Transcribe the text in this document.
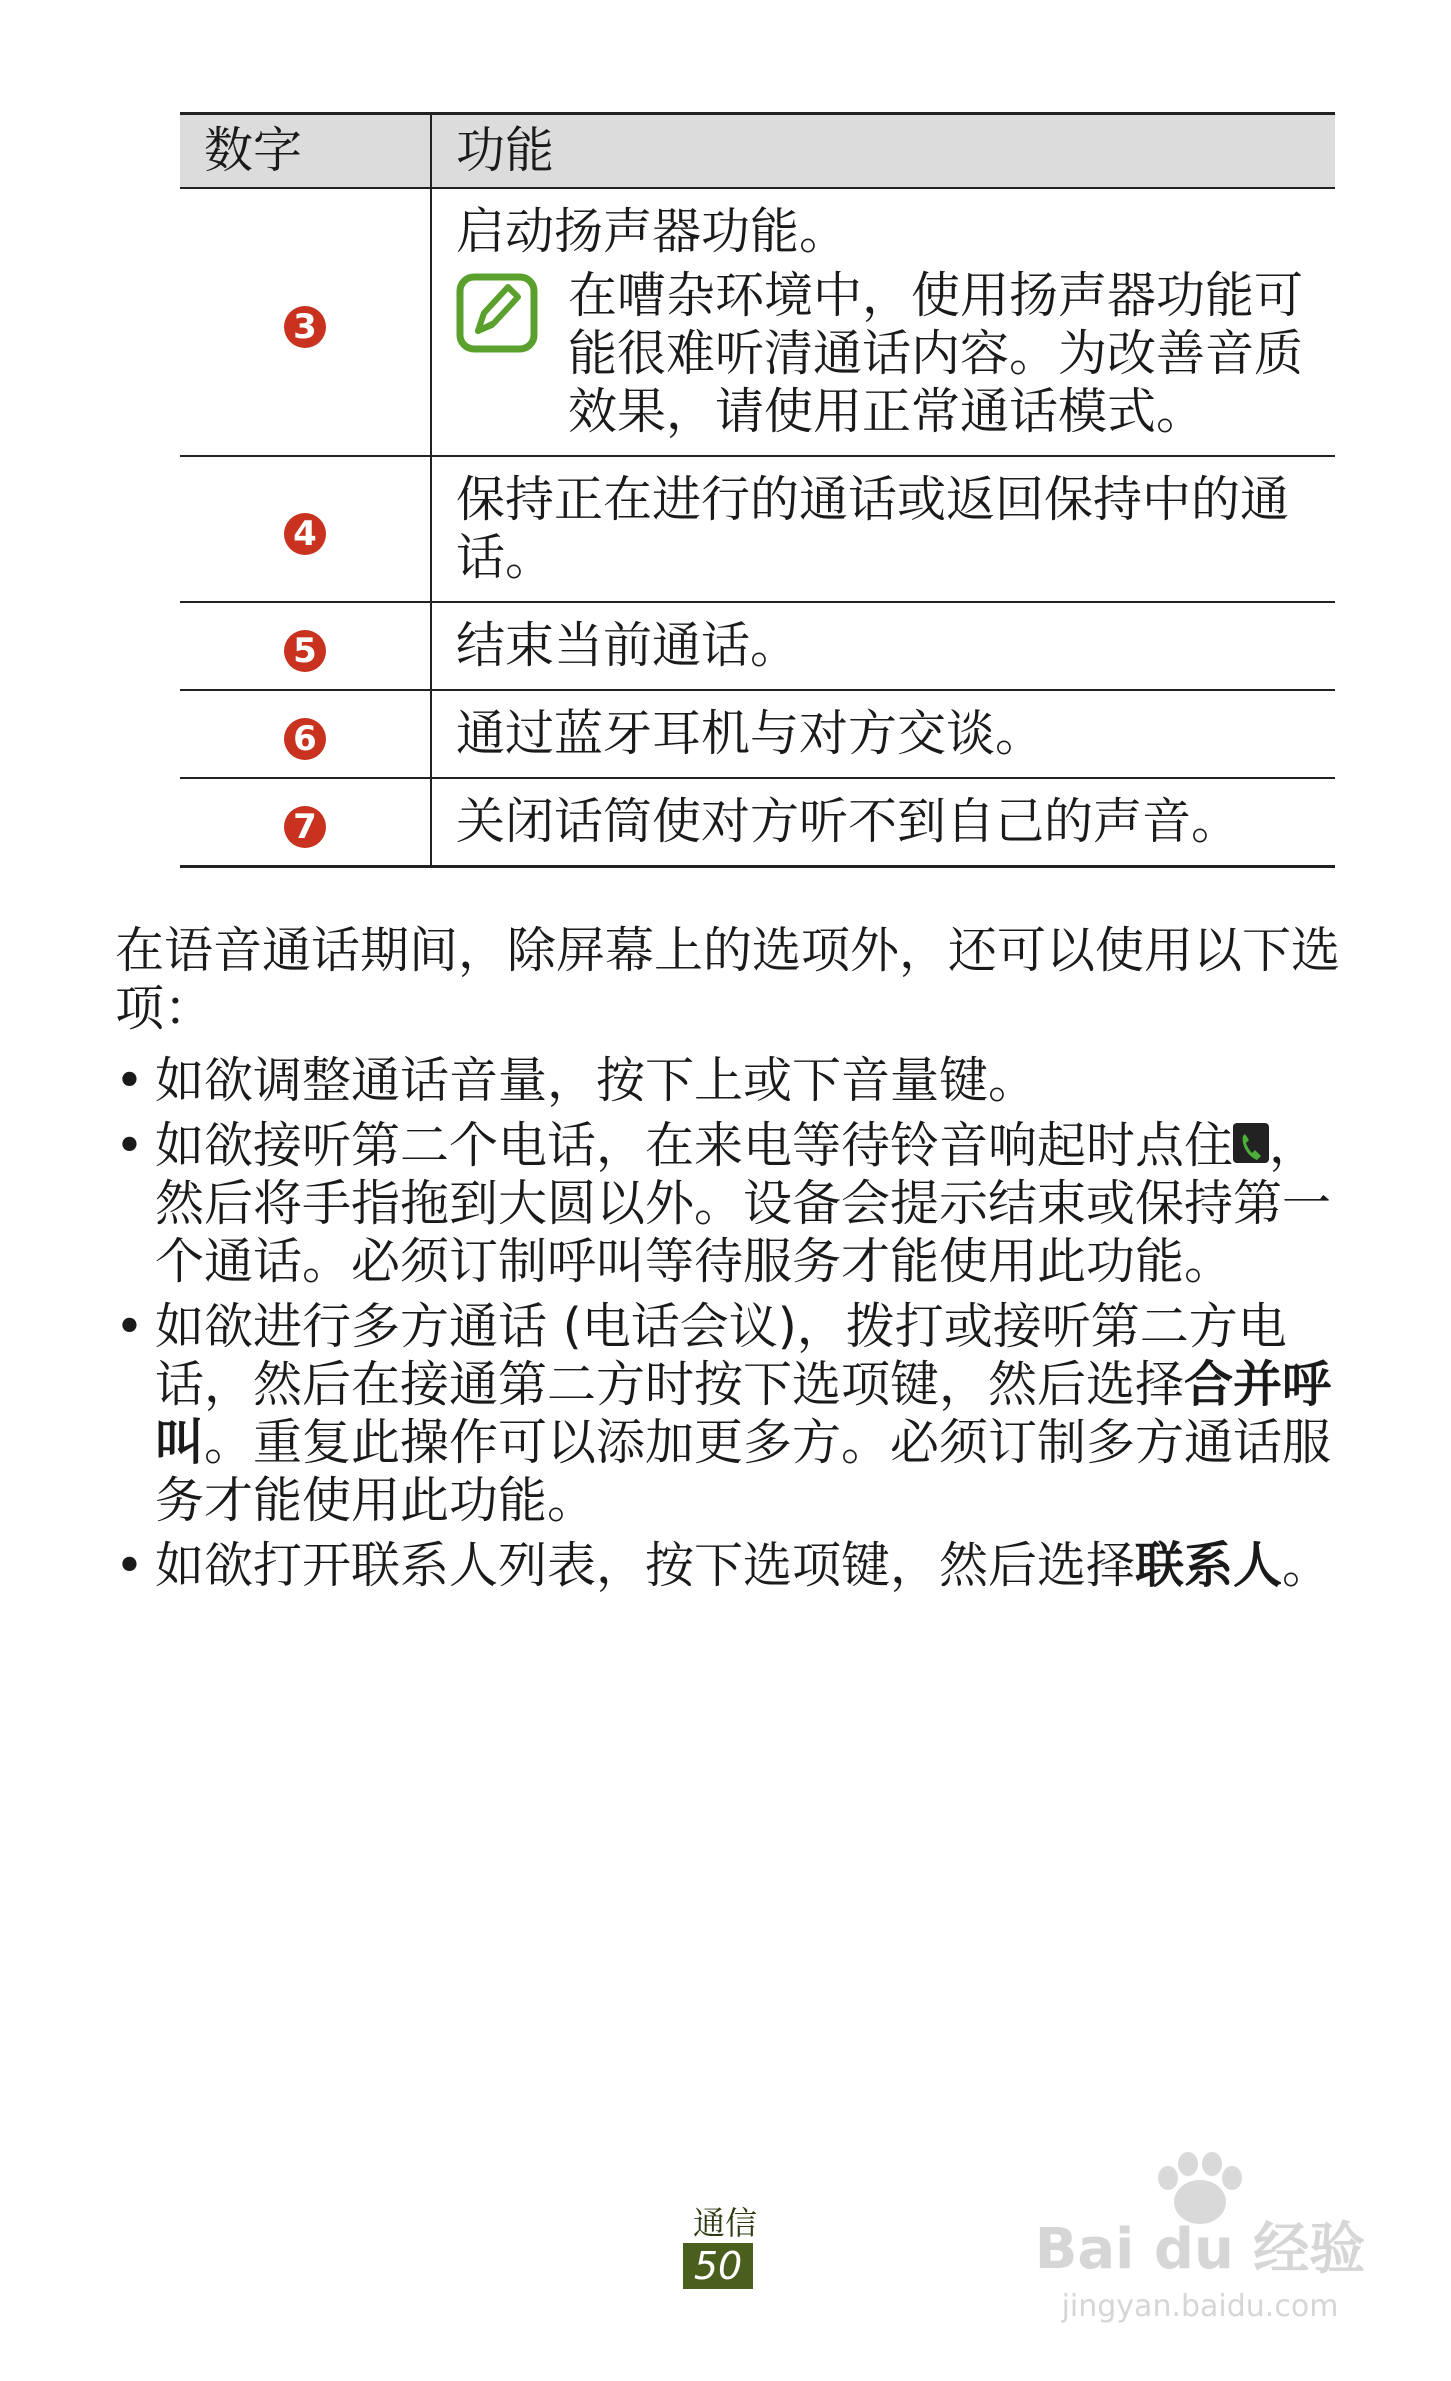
数字	功能
3	启动扬声器功能。
在嘈杂环境中，使用扬声器功能可能很难听清通话内容。为改善音质效果，请使用正常通话模式。

4	保持正在进行的通话或返回保持中的通话。
5	结束当前通话。
6	通过蓝牙耳机与对方交谈。
7	关闭话筒使对方听不到自己的声音。

在语音通话期间，除屏幕上的选项外，还可以使用以下选项：

• 如欲调整通话音量，按下上或下音量键。
• 如欲接听第二个电话，在来电等待铃音响起时点住 ，然后将手指拖到大圆以外。设备会提示结束或保持第一个通话。必须订制呼叫等待服务才能使用此功能。
• 如欲进行多方通话 (电话会议)，拨打或接听第二方电话，然后在接通第二方时按下选项键，然后选择合并呼叫。重复此操作可以添加更多方。必须订制多方通话服务才能使用此功能。
• 如欲打开联系人列表，按下选项键，然后选择联系人。
通信
50	Bai du 经验
jingyan.baidu.com
